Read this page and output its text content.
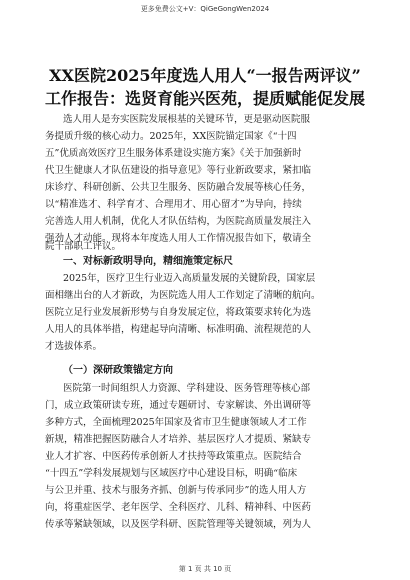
更多免费公文+V：QiGeGongWen2024
XX医院2025年度选人用人“一报告两评议”
工作报告：选贤育能兴医苑，提质赋能促发展
选人用人是夯实医院发展根基的关键环节，更是驱动医院服
务提质升级的核心动力。2025年，XX医院锚定国家《“十四
五”优质高效医疗卫生服务体系建设实施方案》《关于加强新时
代卫生健康人才队伍建设的指导意见》等行业新政要求，紧扣临
床诊疗、科研创新、公共卫生服务、医防融合发展等核心任务，
以“精准选才、科学育才、合理用才、用心留才”为导向，持续
完善选人用人机制，优化人才队伍结构，为医院高质量发展注入
强劲人才动能。现将本年度选人用人工作情况报告如下，敬请全
院干部职工评议。
一、对标新政明导向，精细施策定标尺
2025年，医疗卫生行业迈入高质量发展的关键阶段，国家层
面相继出台的人才新政，为医院选人用人工作划定了清晰的航向。
医院立足行业发展新形势与自身发展定位，将政策要求转化为选
人用人的具体举措，构建起导向清晰、标准明确、流程规范的人
才选拔体系。
（一）深研政策锚定方向
医院第一时间组织人力资源、学科建设、医务管理等核心部
门，成立政策研读专班，通过专题研讨、专家解读、外出调研等
多种方式，全面梳理2025年国家及省市卫生健康领域人才工作
新规，精准把握医防融合人才培养、基层医疗人才提质、紧缺专
业人才扩容、中医药传承创新人才扶持等政策重点。医院结合
“十四五”学科发展规划与区域医疗中心建设目标，明确“临床
与公卫并重、技术与服务齐抓、创新与传承同步”的选人用人方
向，将重症医学、老年医学、全科医疗、儿科、精神科、中医药
传承等紧缺领域，以及医学科研、医院管理等关键领域，列为人
第 1 页 共 10 页
